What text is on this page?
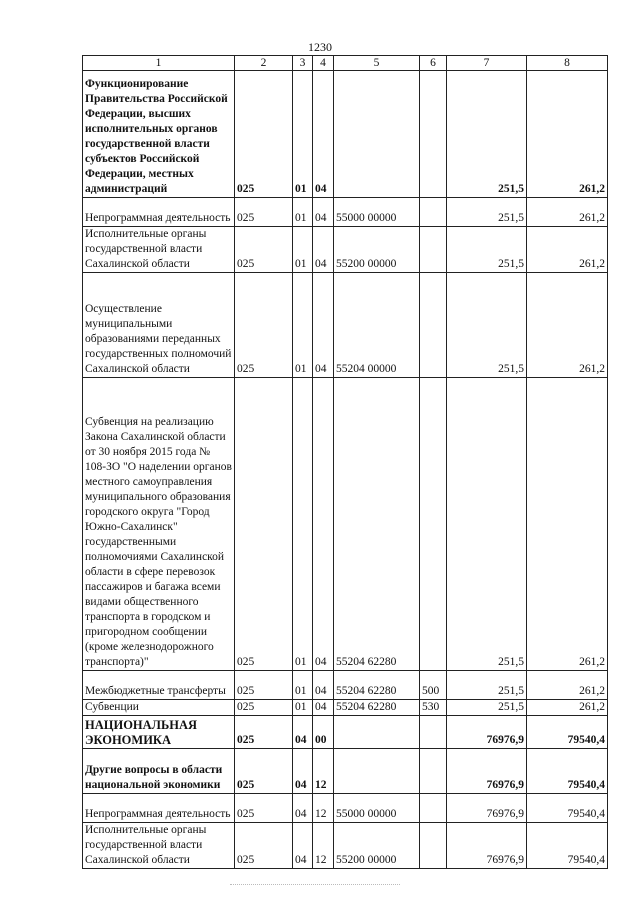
1230
1	2	3	4	5	6	7	8
Функционирование Правительства Российской Федерации, высших исполнительных органов государственной власти субъектов Российской Федерации, местных администраций	025	01	04			251,5	261,2
Непрограммная деятельность	025	01	04	55000 00000		251,5	261,2
Исполнительные органы государственной власти Сахалинской области	025	01	04	55200 00000		251,5	261,2
Осуществление муниципальными образованиями переданных государственных полномочий Сахалинской области	025	01	04	55204 00000		251,5	261,2
Субвенция на реализацию Закона Сахалинской области от 30 ноября 2015 года № 108-ЗО "О наделении органов местного самоуправления муниципального образования городского округа "Город Южно-Сахалинск" государственными полномочиями Сахалинской области в сфере перевозок пассажиров и багажа всеми видами общественного транспорта в городском и пригородном сообщении (кроме железнодорожного транспорта)"	025	01	04	55204 62280		251,5	261,2
Межбюджетные трансферты	025	01	04	55204 62280	500	251,5	261,2
Субвенции	025	01	04	55204 62280	530	251,5	261,2
НАЦИОНАЛЬНАЯ ЭКОНОМИКА	025	04	00			76976,9	79540,4
Другие вопросы в области национальной экономики	025	04	12			76976,9	79540,4
Непрограммная деятельность	025	04	12	55000 00000		76976,9	79540,4
Исполнительные органы государственной власти Сахалинской области	025	04	12	55200 00000		76976,9	79540,4
